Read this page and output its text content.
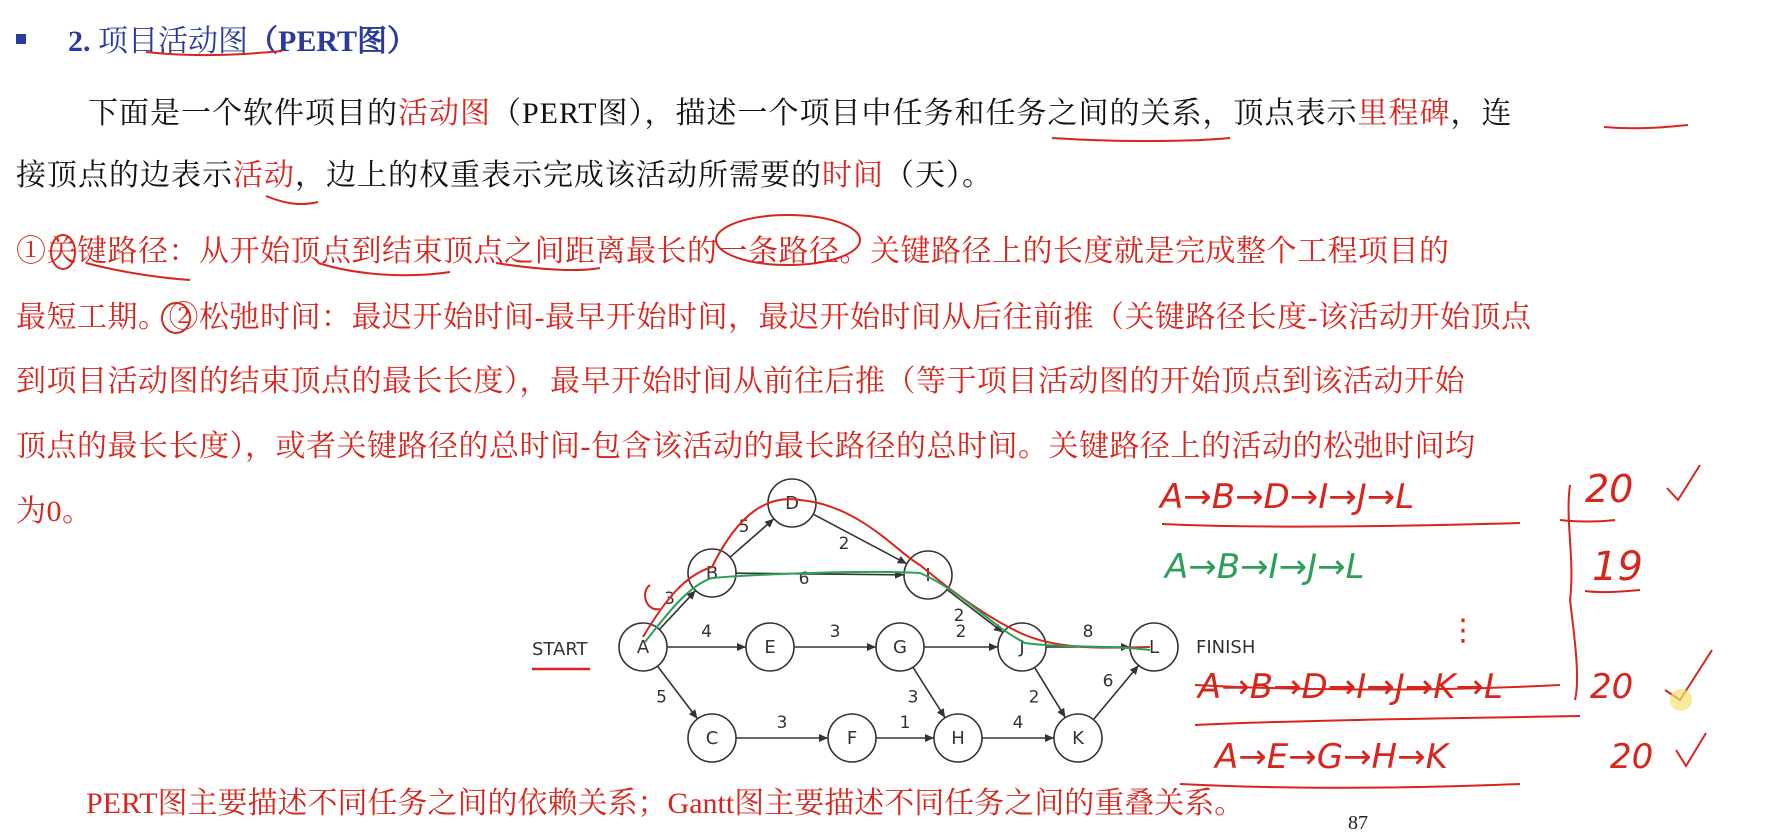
2. 项目活动图（PERT图）
下面是一个软件项目的活动图（PERT图），描述一个项目中任务和任务之间的关系，顶点表示里程碑，连
接顶点的边表示活动，边上的权重表示完成该活动所需要的时间（天）。
①关键路径：从开始顶点到结束顶点之间距离最长的一条路径。关键路径上的长度就是完成整个工程项目的
最短工期。②松弛时间：最迟开始时间-最早开始时间，最迟开始时间从后往前推（关键路径长度-该活动开始顶点
到项目活动图的结束顶点的最长长度），最早开始时间从前往后推（等于项目活动图的开始顶点到该活动开始
顶点的最长长度），或者关键路径的总时间-包含该活动的最长路径的总时间。关键路径上的活动的松弛时间均
为0。
3
4
5
5
6
2
3	2
3
3	1	4
2
8
2
6
A
B
C
D
E
F
G
H
I
J
K
L
START	FINISH
A→B→D→I→J→L
A→B→I→J→L
A→B→D→I→J→K→L
A→E→G→H→K
20
19
20
20
⋮
PERT图主要描述不同任务之间的依赖关系；Gantt图主要描述不同任务之间的重叠关系。
87
